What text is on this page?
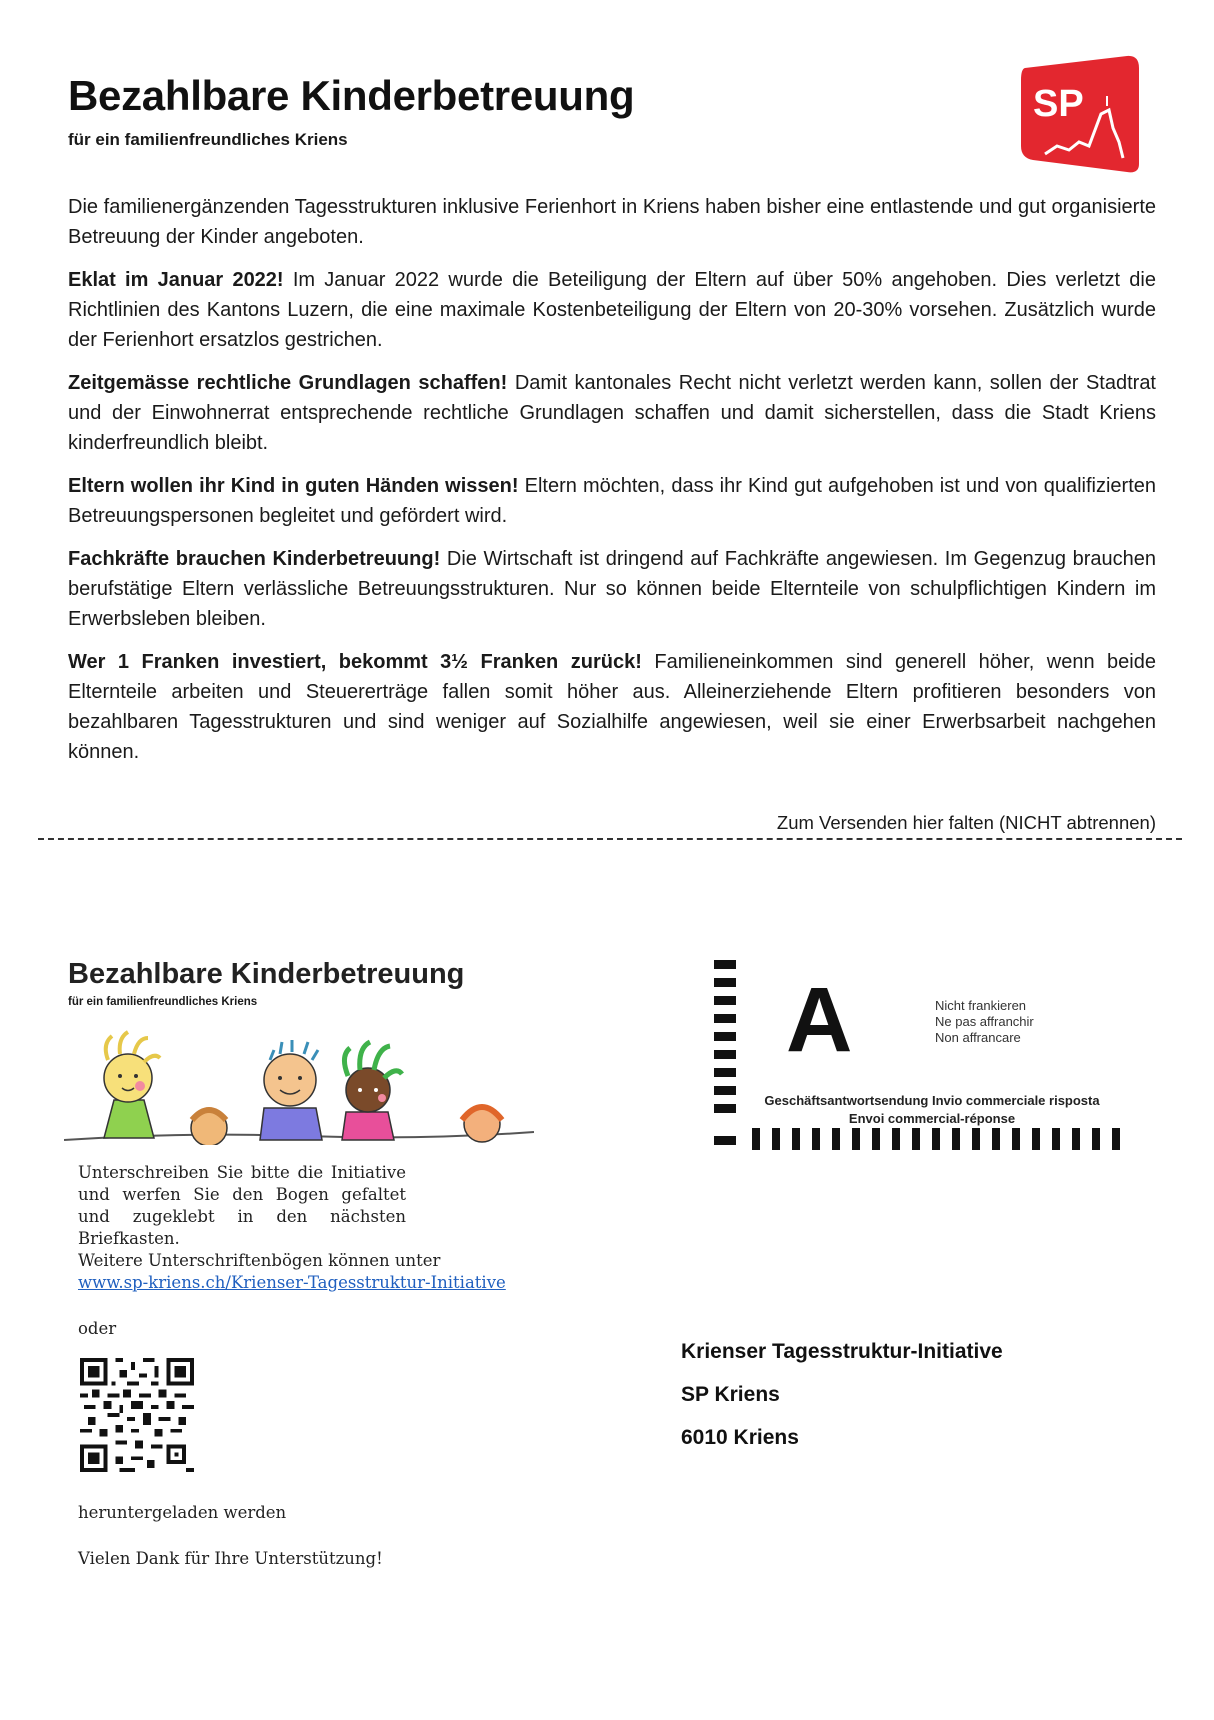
Bezahlbare Kinderbetreuung
für ein familienfreundliches Kriens
SP

Die familienergänzenden Tagesstrukturen inklusive Ferienhort in Kriens haben bisher eine entlastende und gut organisierte Betreuung der Kinder angeboten.

Eklat im Januar 2022! Im Januar 2022 wurde die Beteiligung der Eltern auf über 50% angehoben. Dies verletzt die Richtlinien des Kantons Luzern, die eine maximale Kostenbeteiligung der Eltern von 20-30% vorsehen. Zusätzlich wurde der Ferienhort ersatzlos gestrichen.

Zeitgemässe rechtliche Grundlagen schaffen! Damit kantonales Recht nicht verletzt werden kann, sollen der Stadtrat und der Einwohnerrat entsprechende rechtliche Grundlagen schaffen und damit sicherstellen, dass die Stadt Kriens kinderfreundlich bleibt.

Eltern wollen ihr Kind in guten Händen wissen! Eltern möchten, dass ihr Kind gut aufgehoben ist und von qualifizierten Betreuungspersonen begleitet und gefördert wird.

Fachkräfte brauchen Kinderbetreuung! Die Wirtschaft ist dringend auf Fachkräfte angewiesen. Im Gegenzug brauchen berufstätige Eltern verlässliche Betreuungsstrukturen. Nur so können beide Elternteile von schulpflichtigen Kindern im Erwerbsleben bleiben.

Wer 1 Franken investiert, bekommt 3½ Franken zurück! Familieneinkommen sind generell höher, wenn beide Elternteile arbeiten und Steuererträge fallen somit höher aus. Alleinerziehende Eltern profitieren besonders von bezahlbaren Tagesstrukturen und sind weniger auf Sozialhilfe angewiesen, weil sie einer Erwerbsarbeit nachgehen können.

Zum Versenden hier falten (NICHT abtrennen)
Bezahlbare Kinderbetreuung
für ein familienfreundliches Kriens
Unterschreiben Sie bitte die Initiative und werfen Sie den Bogen gefaltet und zugeklebt in den nächsten Briefkasten.
Weitere Unterschriftenbögen können unter
www.sp-kriens.ch/Krienser-Tagesstruktur-Initiative
oder
heruntergeladen werden
Vielen Dank für Ihre Unterstützung!
A	Nicht frankieren
Ne pas affranchir
Non affrancare
Geschäftsantwortsendung Invio commerciale risposta
Envoi commercial-réponse
Krienser Tagesstruktur-Initiative
SP Kriens
6010 Kriens
